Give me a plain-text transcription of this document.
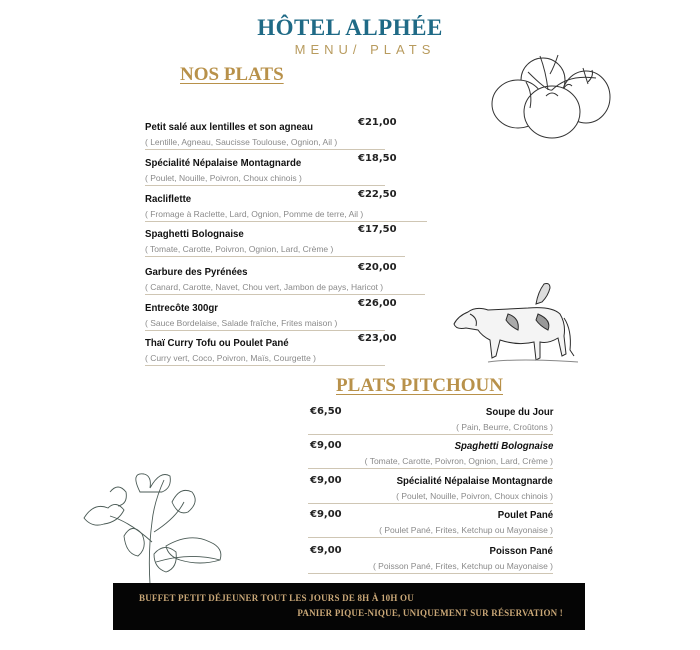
HÔTEL ALPHÉE
MENU/ PLATS
NOS PLATS
Petit salé aux lentilles et son agneau	€21,00
( Lentille, Agneau, Saucisse Toulouse, Ognion, Ail )
Spécialité Népalaise Montagnarde	€18,50
( Poulet, Nouille, Poivron, Choux chinois )
Racliflette	€22,50
( Fromage à Raclette, Lard, Ognion, Pomme de terre, Ail )
Spaghetti Bolognaise	€17,50
( Tomate, Carotte, Poivron, Ognion, Lard, Crème )
Garbure des Pyrénées	€20,00
( Canard, Carotte, Navet, Chou vert, Jambon de pays, Haricot )
Entrecôte 300gr	€26,00
( Sauce Bordelaise, Salade fraîche, Frites maison )
Thaï Curry Tofu ou Poulet Pané	€23,00
( Curry vert, Coco, Poivron, Maïs, Courgette )
PLATS PITCHOUN
€6,50	Soupe du Jour
( Pain, Beurre, Croûtons )
€9,00	Spaghetti Bolognaise
( Tomate, Carotte, Poivron, Ognion, Lard, Crème )
€9,00	Spécialité Népalaise Montagnarde
( Poulet, Nouille, Poivron, Choux chinois )
€9,00	Poulet Pané
( Poulet Pané, Frites, Ketchup ou Mayonaise )
€9,00	Poisson Pané
( Poisson Pané, Frites, Ketchup ou Mayonaise )
BUFFET PETIT DÉJEUNER TOUT LES JOURS DE 8H À 10H OU
PANIER PIQUE-NIQUE, UNIQUEMENT SUR RÉSERVATION !
